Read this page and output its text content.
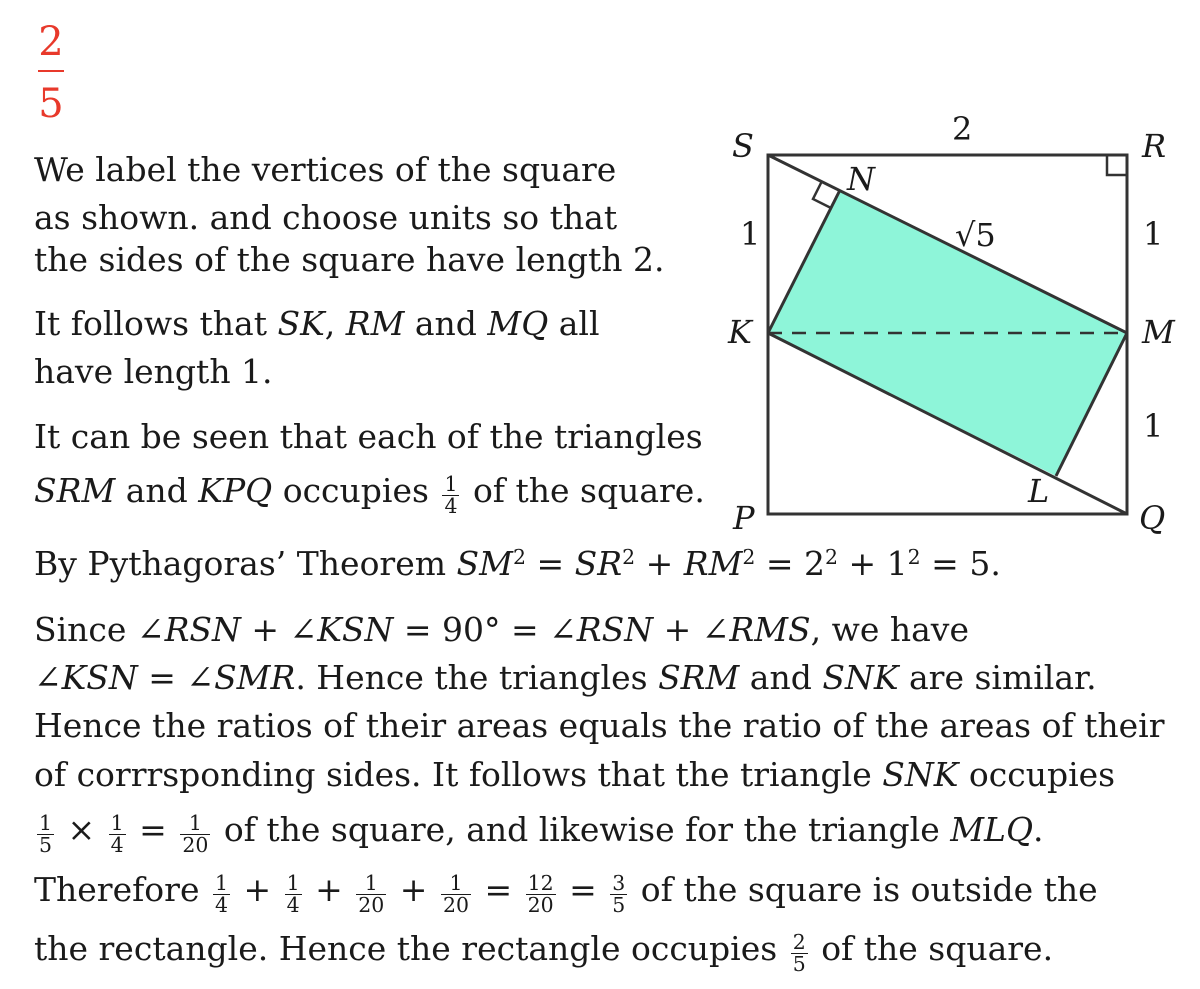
2
5
We label the vertices of the square
as shown. and choose units so that
the sides of the square have length 2.
It follows that SK, RM and MQ all
have length 1.
It can be seen that each of the triangles
SRM and KPQ occupies $\frac{1}{4}$ of the square.
By Pythagoras’ Theorem $SM^2 = SR^2 + RM^2 = 2^2 + 1^2 = 5$.
Since ∠RSN + ∠KSN = 90° = ∠RSN + ∠RMS, we have
∠KSN = ∠SMR. Hence the triangles SRM and SNK are similar.
Hence the ratios of their areas equals the ratio of the areas of their
of corrrsponding sides. It follows that the triangle SNK occupies
$\frac{1}{5} \times \frac{1}{4} = \frac{1}{20}$ of the square, and likewise for the triangle MLQ.
Therefore $\frac{1}{4} + \frac{1}{4} + \frac{1}{20} + \frac{1}{20} = \frac{12}{20} = \frac{3}{5}$ of the square is outside the
the rectangle. Hence the rectangle occupies $\frac{2}{5}$ of the square.
S	R
P	Q
K	M
N
L
2
1	1
1
√5
